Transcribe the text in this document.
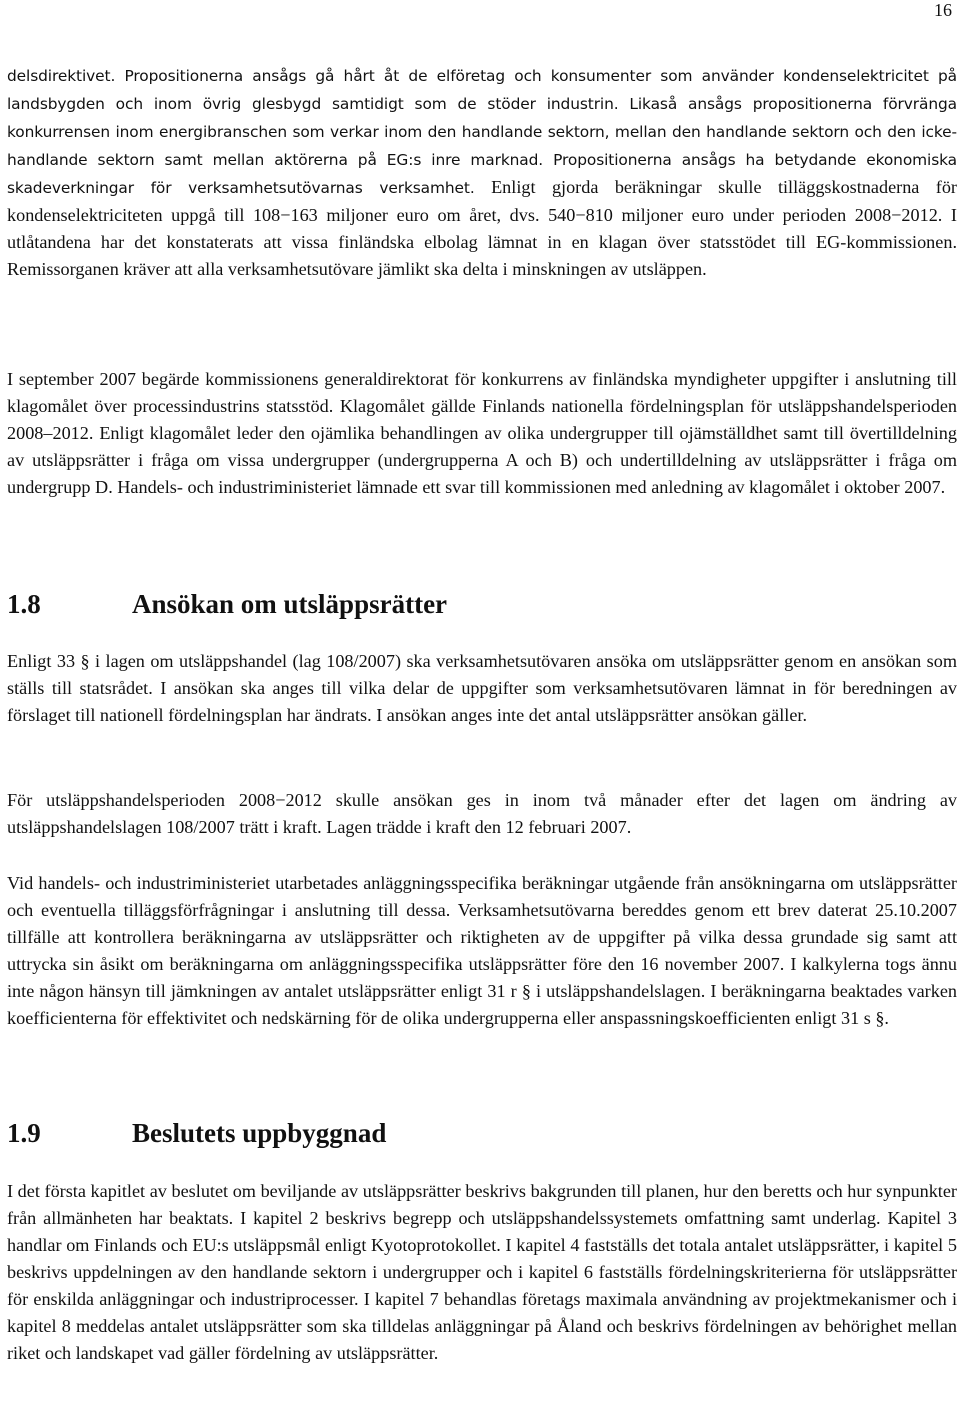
16

delsdirektivet. Propositionerna ansågs gå hårt åt de elföretag och konsumenter som använder kondenselektricitet på landsbygden och inom övrig glesbygd samtidigt som de stöder industrin. Likaså ansågs propositionerna förvränga konkurrensen inom energibranschen som verkar inom den handlande sektorn, mellan den handlande sektorn och den icke-handlande sektorn samt mellan aktörerna på EG:s inre marknad. Propositionerna ansågs ha betydande ekonomiska skadeverkningar för verksamhetsutövarnas verksamhet. Enligt gjorda beräkningar skulle tilläggskostnaderna för kondenselektriciteten uppgå till 108−163 miljoner euro om året, dvs. 540−810 miljoner euro under perioden 2008−2012. I utlåtandena har det konstaterats att vissa finländska elbolag lämnat in en klagan över statsstödet till EG-kommissionen. Remissorganen kräver att alla verksamhetsutövare jämlikt ska delta i minskningen av utsläppen.

I september 2007 begärde kommissionens generaldirektorat för konkurrens av finländska myndigheter uppgifter i anslutning till klagomålet över processindustrins statsstöd. Klagomålet gällde Finlands nationella fördelningsplan för utsläppshandelsperioden 2008–2012. Enligt klagomålet leder den ojämlika behandlingen av olika undergrupper till ojämställdhet samt till övertilldelning av utsläppsrätter i fråga om vissa undergrupper (undergrupperna A och B) och undertilldelning av utsläppsrätter i fråga om undergrupp D. Handels- och industriministeriet lämnade ett svar till kommissionen med anledning av klagomålet i oktober 2007.

1.8	Ansökan om utsläppsrätter

Enligt 33 § i lagen om utsläppshandel (lag 108/2007) ska verksamhetsutövaren ansöka om utsläppsrätter genom en ansökan som ställs till statsrådet. I ansökan ska anges till vilka delar de uppgifter som verksamhetsutövaren lämnat in för beredningen av förslaget till nationell fördelningsplan har ändrats. I ansökan anges inte det antal utsläppsrätter ansökan gäller.

För utsläppshandelsperioden 2008−2012 skulle ansökan ges in inom två månader efter det lagen om ändring av utsläppshandelslagen 108/2007 trätt i kraft. Lagen trädde i kraft den 12 februari 2007.

Vid handels- och industriministeriet utarbetades anläggningsspecifika beräkningar utgående från ansökningarna om utsläppsrätter och eventuella tilläggsförfrågningar i anslutning till dessa. Verksamhetsutövarna bereddes genom ett brev daterat 25.10.2007 tillfälle att kontrollera beräkningarna av utsläppsrätter och riktigheten av de uppgifter på vilka dessa grundade sig samt att uttrycka sin åsikt om beräkningarna om anläggningsspecifika utsläppsrätter före den 16 november 2007. I kalkylerna togs ännu inte någon hänsyn till jämkningen av antalet utsläppsrätter enligt 31 r § i utsläppshandelslagen. I beräkningarna beaktades varken koefficienterna för effektivitet och nedskärning för de olika undergrupperna eller anspassningskoefficienten enligt 31 s §.

1.9	Beslutets uppbyggnad

I det första kapitlet av beslutet om beviljande av utsläppsrätter beskrivs bakgrunden till planen, hur den beretts och hur synpunkter från allmänheten har beaktats. I kapitel 2 beskrivs begrepp och utsläppshandelssystemets omfattning samt underlag. Kapitel 3 handlar om Finlands och EU:s utsläppsmål enligt Kyotoprotokollet. I kapitel 4 fastställs det totala antalet utsläppsrätter, i kapitel 5 beskrivs uppdelningen av den handlande sektorn i undergrupper och i kapitel 6 fastställs fördelningskriterierna för utsläppsrätter för enskilda anläggningar och industriprocesser. I kapitel 7 behandlas företags maximala användning av projektmekanismer och i kapitel 8 meddelas antalet utsläppsrätter som ska tilldelas anläggningar på Åland och beskrivs fördelningen av behörighet mellan riket och landskapet vad gäller fördelning av utsläppsrätter.
